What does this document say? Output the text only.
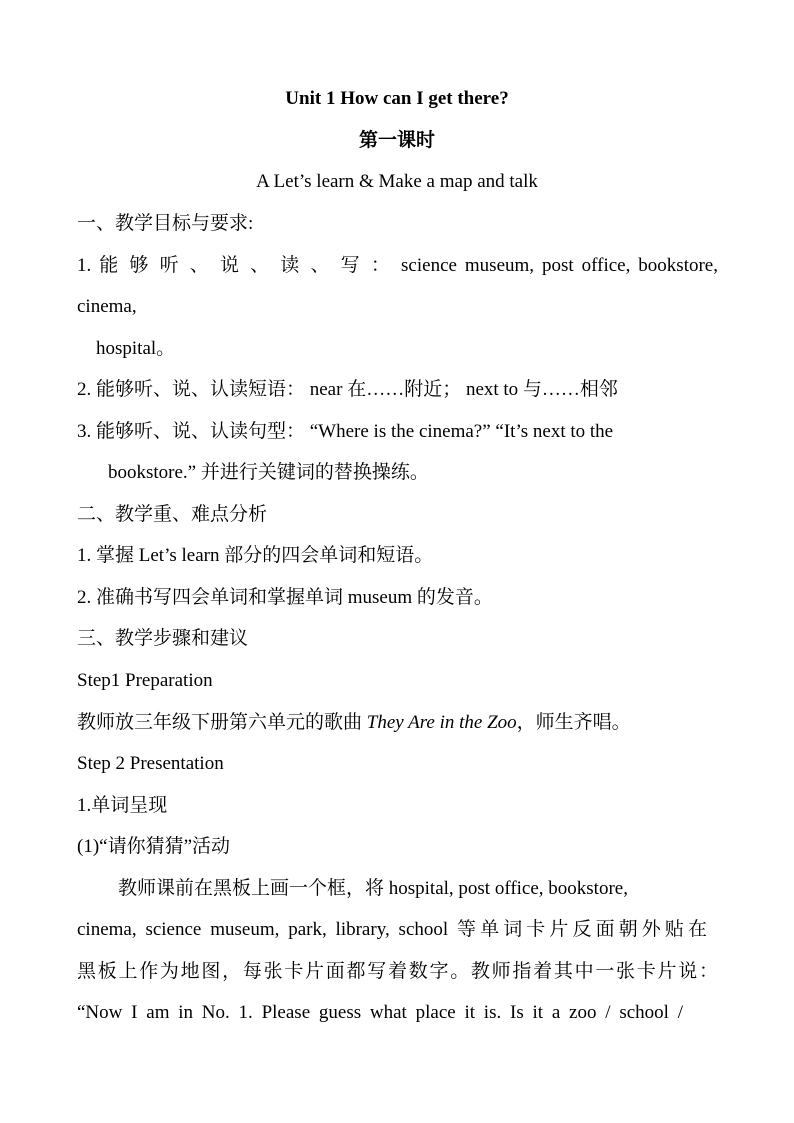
Unit 1 How can I get there?
第一课时
A Let’s learn & Make a map and talk
一、教学目标与要求:
1. 能 够 听 、 说 、 读 、 写 ： science museum, post office, bookstore,
cinema,
hospital。
2. 能够听、说、认读短语： near 在……附近； next to 与……相邻
3. 能够听、说、认读句型： “Where is the cinema?” “It’s next to the
bookstore.” 并进行关键词的替换操练。
二、教学重、难点分析
1. 掌握 Let’s learn 部分的四会单词和短语。
2. 准确书写四会单词和掌握单词 museum 的发音。
三、教学步骤和建议
Step1 Preparation
教师放三年级下册第六单元的歌曲 They Are in the Zoo，师生齐唱。
Step 2 Presentation
1.单词呈现
(1)“请你猜猜”活动
教师课前在黑板上画一个框，将 hospital, post office, bookstore,
cinema, science museum, park, library, school 等单词卡片反面朝外贴在
黑板上作为地图，每张卡片面都写着数字。教师指着其中一张卡片说：
“Now I am in No. 1. Please guess what place it is. Is it a zoo / school /
